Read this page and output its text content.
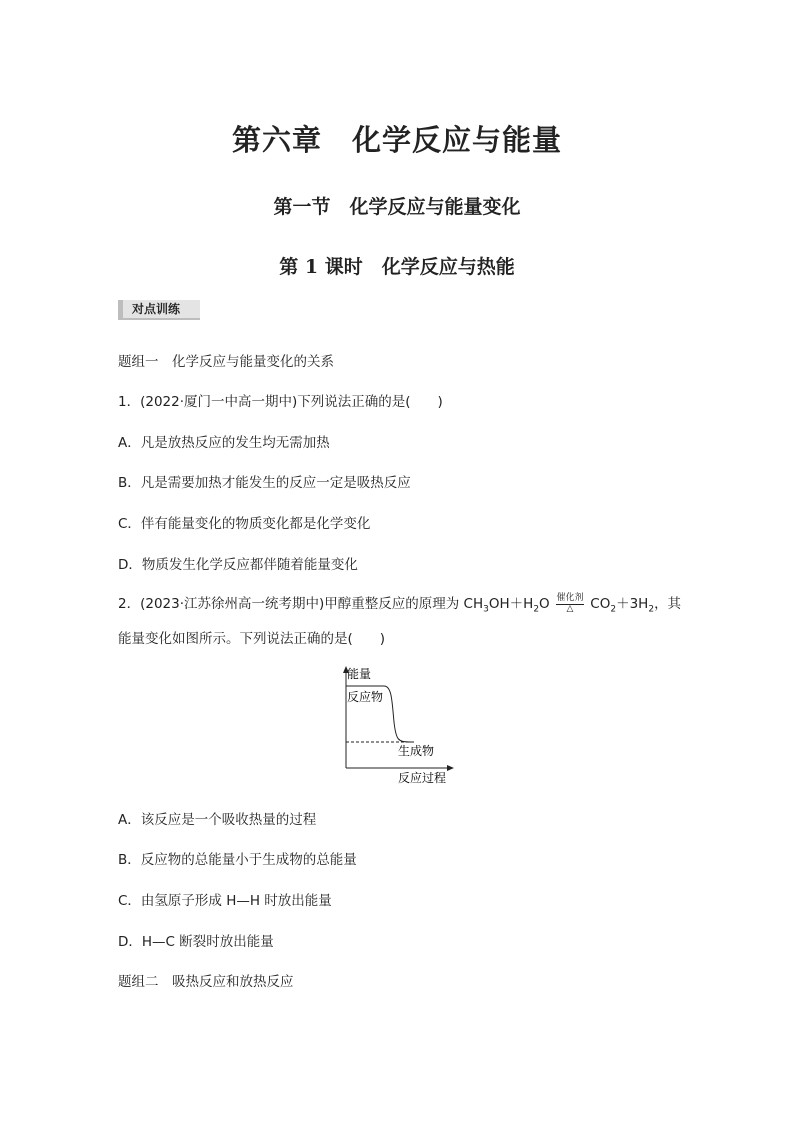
第六章　化学反应与能量
第一节　化学反应与能量变化
第 1 课时　化学反应与热能
对点训练
题组一　化学反应与能量变化的关系
1．(2022·厦门一中高一期中)下列说法正确的是(　　)
A．凡是放热反应的发生均无需加热
B．凡是需要加热才能发生的反应一定是吸热反应
C．伴有能量变化的物质变化都是化学变化
D．物质发生化学反应都伴随着能量变化
2．(2023·江苏徐州高一统考期中)甲醇重整反应的原理为 $CH_3OH+H_2O$ 催化剂
△	$CO_2+3H_2$，其
能量变化如图所示。下列说法正确的是(　　)
能量
反应物
生成物
反应过程
A．该反应是一个吸收热量的过程
B．反应物的总能量小于生成物的总能量
C．由氢原子形成 H—H 时放出能量
D．H—C 断裂时放出能量
题组二　吸热反应和放热反应
